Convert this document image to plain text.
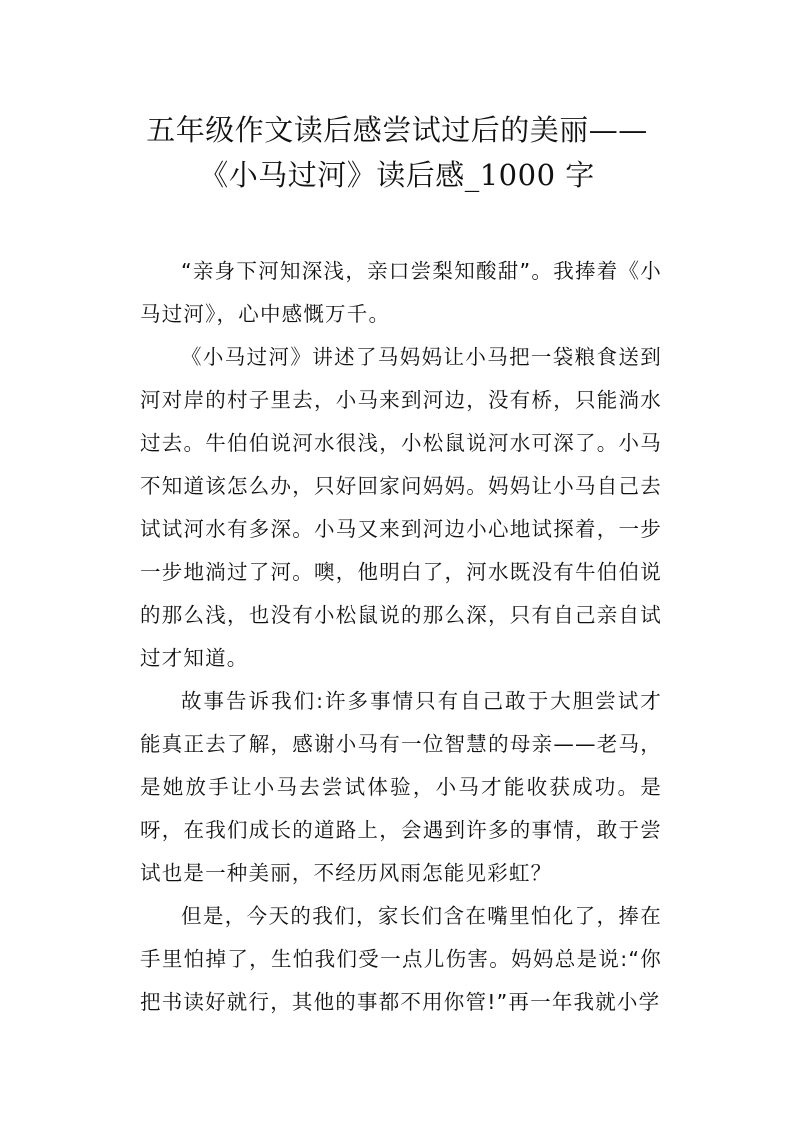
五年级作文读后感尝试过后的美丽——
《小马过河》读后感_1000 字

“亲身下河知深浅，亲口尝梨知酸甜”。我捧着《小马过河》，心中感慨万千。

《小马过河》讲述了马妈妈让小马把一袋粮食送到河对岸的村子里去，小马来到河边，没有桥，只能淌水过去。牛伯伯说河水很浅，小松鼠说河水可深了。小马不知道该怎么办，只好回家问妈妈。妈妈让小马自己去试试河水有多深。小马又来到河边小心地试探着，一步一步地淌过了河。噢，他明白了，河水既没有牛伯伯说的那么浅，也没有小松鼠说的那么深，只有自己亲自试过才知道。

故事告诉我们:许多事情只有自己敢于大胆尝试才能真正去了解，感谢小马有一位智慧的母亲——老马，是她放手让小马去尝试体验，小马才能收获成功。是呀，在我们成长的道路上，会遇到许多的事情，敢于尝试也是一种美丽，不经历风雨怎能见彩虹？

但是，今天的我们，家长们含在嘴里怕化了，捧在手里怕掉了，生怕我们受一点儿伤害。妈妈总是说:“你把书读好就行，其他的事都不用你管!”再一年我就小学
